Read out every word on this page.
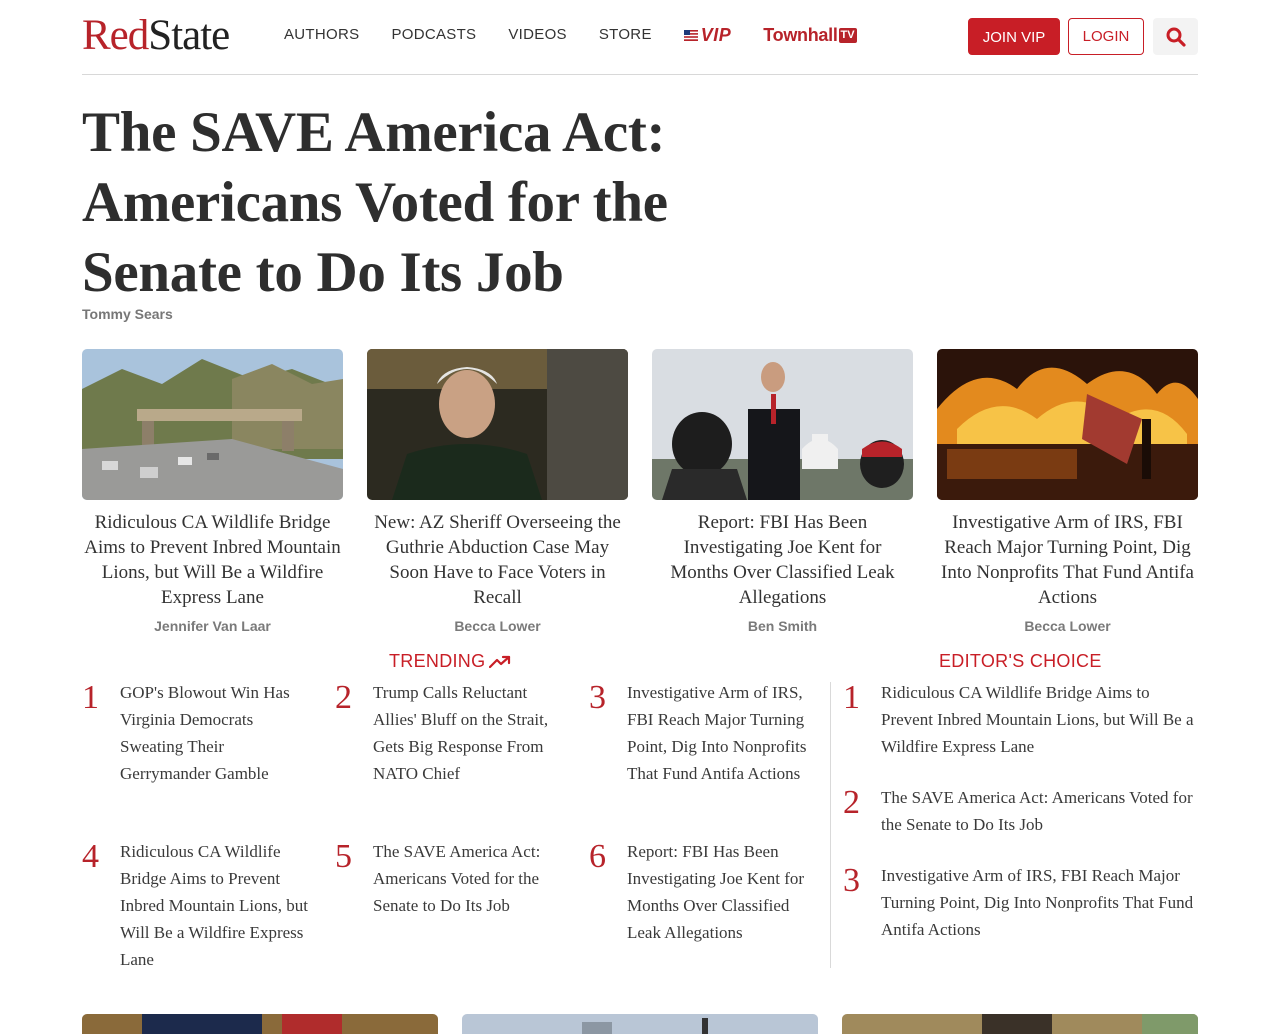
RedState	AUTHORS PODCASTS VIDEOS STORE	VIP Townhall TV	JOIN VIP	LOGIN
The SAVE America Act: Americans Voted for the Senate to Do Its Job
Tommy Sears
Ridiculous CA Wildlife Bridge Aims to Prevent Inbred Mountain Lions, but Will Be a Wildfire Express Lane
Jennifer Van Laar
New: AZ Sheriff Overseeing the Guthrie Abduction Case May Soon Have to Face Voters in Recall
Becca Lower
Report: FBI Has Been Investigating Joe Kent for Months Over Classified Leak Allegations
Ben Smith
Investigative Arm of IRS, FBI Reach Major Turning Point, Dig Into Nonprofits That Fund Antifa Actions
Becca Lower
TRENDING	EDITOR'S CHOICE
1	GOP's Blowout Win Has Virginia Democrats Sweating Their Gerrymander Gamble
2	Trump Calls Reluctant Allies' Bluff on the Strait, Gets Big Response From NATO Chief
3	Investigative Arm of IRS, FBI Reach Major Turning Point, Dig Into Nonprofits That Fund Antifa Actions
4	Ridiculous CA Wildlife Bridge Aims to Prevent Inbred Mountain Lions, but Will Be a Wildfire Express Lane
5	The SAVE America Act: Americans Voted for the Senate to Do Its Job
6	Report: FBI Has Been Investigating Joe Kent for Months Over Classified Leak Allegations
1	Ridiculous CA Wildlife Bridge Aims to Prevent Inbred Mountain Lions, but Will Be a Wildfire Express Lane
2	The SAVE America Act: Americans Voted for the Senate to Do Its Job
3	Investigative Arm of IRS, FBI Reach Major Turning Point, Dig Into Nonprofits That Fund Antifa Actions
